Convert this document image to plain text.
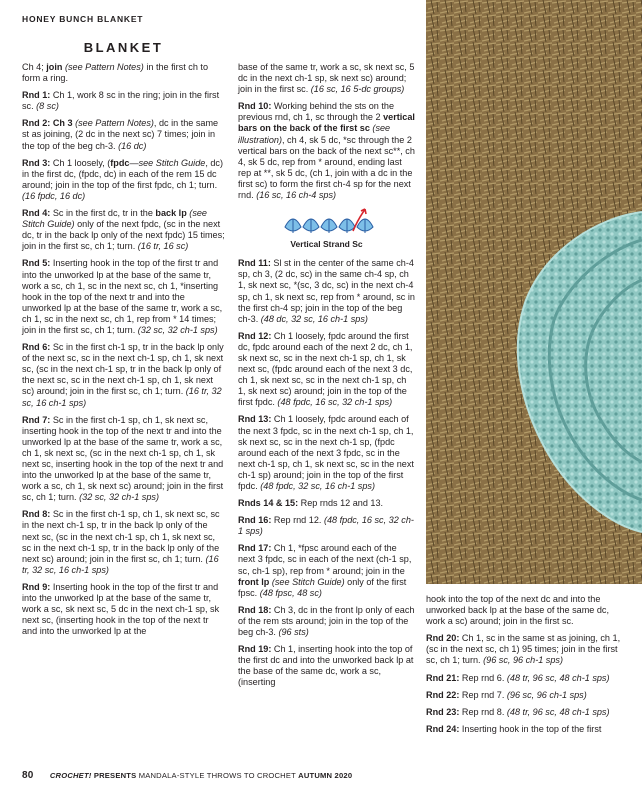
HONEY BUNCH BLANKET
BLANKET

Ch 4; join (see Pattern Notes) in the first ch to form a ring.

Rnd 1: Ch 1, work 8 sc in the ring; join in the first sc. (8 sc)

Rnd 2: Ch 3 (see Pattern Notes), dc in the same st as joining, (2 dc in the next sc) 7 times; join in the top of the beg ch-3. (16 dc)

Rnd 3: Ch 1 loosely, (fpdc—see Stitch Guide, dc) in the first dc, (fpdc, dc) in each of the rem 15 dc around; join in the top of the first fpdc, ch 1; turn. (16 fpdc, 16 dc)

Rnd 4: Sc in the first dc, tr in the back lp (see Stitch Guide) only of the next fpdc, (sc in the next dc, tr in the back lp only of the next fpdc) 15 times; join in the first sc, ch 1; turn. (16 tr, 16 sc)

Rnd 5: Inserting hook in the top of the first tr and into the unworked lp at the base of the same tr, work a sc, ch 1, sc in the next sc, ch 1, *inserting hook in the top of the next tr and into the unworked lp at the base of the same tr, work a sc, ch 1, sc in the next sc, ch 1, rep from * 14 times; join in the first sc, ch 1; turn. (32 sc, 32 ch-1 sps)

Rnd 6: Sc in the first ch-1 sp, tr in the back lp only of the next sc, sc in the next ch-1 sp, ch 1, sk next sc, (sc in the next ch-1 sp, tr in the back lp only of the next sc, sc in the next ch-1 sp, ch 1, sk next sc) around; join in the first sc, ch 1; turn. (16 tr, 32 sc, 16 ch-1 sps)

Rnd 7: Sc in the first ch-1 sp, ch 1, sk next sc, inserting hook in the top of the next tr and into the unworked lp at the base of the same tr, work a sc, ch 1, sk next sc, (sc in the next ch-1 sp, ch 1, sk next sc, inserting hook in the top of the next tr and into the unworked lp at the base of the same tr, work a sc, ch 1, sk next sc) around; join in the first sc, ch 1; turn. (32 sc, 32 ch-1 sps)

Rnd 8: Sc in the first ch-1 sp, ch 1, sk next sc, sc in the next ch-1 sp, tr in the back lp only of the next sc, (sc in the next ch-1 sp, ch 1, sk next sc, sc in the next ch-1 sp, tr in the back lp only of the next sc) around; join in the first sc, ch 1; turn. (16 tr, 32 sc, 16 ch-1 sps)

Rnd 9: Inserting hook in the top of the first tr and into the unworked lp at the base of the same tr, work a sc, sk next sc, 5 dc in the next ch-1 sp, sk next sc, (inserting hook in the top of the next tr and into the unworked lp at the

base of the same tr, work a sc, sk next sc, 5 dc in the next ch-1 sp, sk next sc) around; join in the first sc. (16 sc, 16 5-dc groups)

Rnd 10: Working behind the sts on the previous rnd, ch 1, sc through the 2 vertical bars on the back of the first sc (see illustration), ch 4, sk 5 dc, *sc through the 2 vertical bars on the back of the next sc**, ch 4, sk 5 dc, rep from * around, ending last rep at **, sk 5 dc, (ch 1, join with a dc in the first sc) to form the first ch-4 sp for the next rnd. (16 sc, 16 ch-4 sps)

Vertical Strand Sc

Rnd 11: Sl st in the center of the same ch-4 sp, ch 3, (2 dc, sc) in the same ch-4 sp, ch 1, sk next sc, *(sc, 3 dc, sc) in the next ch-4 sp, ch 1, sk next sc, rep from * around, sc in the first ch-4 sp; join in the top of the beg ch-3. (48 dc, 32 sc, 16 ch-1 sps)

Rnd 12: Ch 1 loosely, fpdc around the first dc, fpdc around each of the next 2 dc, ch 1, sk next sc, sc in the next ch-1 sp, ch 1, sk next sc, (fpdc around each of the next 3 dc, ch 1, sk next sc, sc in the next ch-1 sp, ch 1, sk next sc) around; join in the top of the first fpdc. (48 fpdc, 16 sc, 32 ch-1 sps)

Rnd 13: Ch 1 loosely, fpdc around each of the next 3 fpdc, sc in the next ch-1 sp, ch 1, sk next sc, sc in the next ch-1 sp, (fpdc around each of the next 3 fpdc, sc in the next ch-1 sp, ch 1, sk next sc, sc in the next ch-1 sp) around; join in the top of the first fpdc. (48 fpdc, 32 sc, 16 ch-1 sps)

Rnds 14 & 15: Rep rnds 12 and 13.

Rnd 16: Rep rnd 12. (48 fpdc, 16 sc, 32 ch-1 sps)

Rnd 17: Ch 1, *fpsc around each of the next 3 fpdc, sc in each of the next (ch-1 sp, sc, ch-1 sp), rep from * around; join in the front lp (see Stitch Guide) only of the first fpsc. (48 fpsc, 48 sc)

Rnd 18: Ch 3, dc in the front lp only of each of the rem sts around; join in the top of the beg ch-3. (96 sts)

Rnd 19: Ch 1, inserting hook into the top of the first dc and into the unworked back lp at the base of the same dc, work a sc, (inserting

hook into the top of the next dc and into the unworked back lp at the base of the same dc, work a sc) around; join in the first sc.

Rnd 20: Ch 1, sc in the same st as joining, ch 1, (sc in the next sc, ch 1) 95 times; join in the first sc, ch 1; turn. (96 sc, 96 ch-1 sps)

Rnd 21: Rep rnd 6. (48 tr, 96 sc, 48 ch-1 sps)

Rnd 22: Rep rnd 7. (96 sc, 96 ch-1 sps)

Rnd 23: Rep rnd 8. (48 tr, 96 sc, 48 ch-1 sps)

Rnd 24: Inserting hook in the top of the first

80 CROCHET! PRESENTS MANDALA-STYLE THROWS TO CROCHET AUTUMN 2020
